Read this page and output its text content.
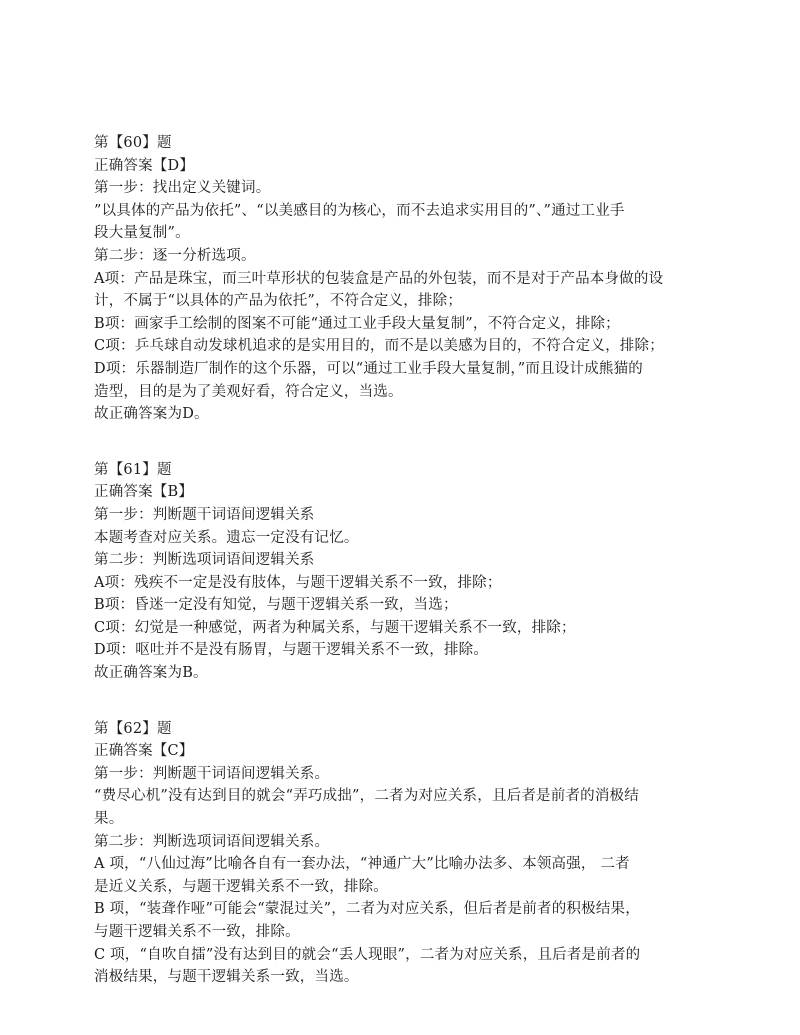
第【60】题
正确答案【D】
第一步：找出定义关键词。
”以具体的产品为依托”、“以美感目的为核心，而不去追求实用目的”、”通过工业手
段大量复制”。
第二步：逐一分析选项。
A项：产品是珠宝，而三叶草形状的包装盒是产品的外包装，而不是对于产品本身做的设
计，不属于“以具体的产品为依托”，不符合定义，排除；
B项：画家手工绘制的图案不可能“通过工业手段大量复制”，不符合定义，排除；
C项：乒乓球自动发球机追求的是实用目的，而不是以美感为目的，不符合定义，排除；
D项：乐器制造厂制作的这个乐器，可以“通过工业手段大量复制，”而且设计成熊猫的
造型，目的是为了美观好看，符合定义，当选。
故正确答案为D。
第【61】题
正确答案【B】
第一步：判断题干词语间逻辑关系
本题考查对应关系。遗忘一定没有记忆。
第二步：判断选项词语间逻辑关系
A项：残疾不一定是没有肢体，与题干逻辑关系不一致，排除；
B项：昏迷一定没有知觉，与题干逻辑关系一致，当选；
C项：幻觉是一种感觉，两者为种属关系，与题干逻辑关系不一致，排除；
D项：呕吐并不是没有肠胃，与题干逻辑关系不一致，排除。
故正确答案为B。
第【62】题
正确答案【C】
第一步：判断题干词语间逻辑关系。
“费尽心机”没有达到目的就会“弄巧成拙”，二者为对应关系，且后者是前者的消极结
果。
第二步：判断选项词语间逻辑关系。
A 项，“八仙过海”比喻各自有一套办法，“神通广大”比喻办法多、本领高强， 二者
是近义关系，与题干逻辑关系不一致，排除。
B 项，“装聋作哑”可能会“蒙混过关”，二者为对应关系，但后者是前者的积极结果，
与题干逻辑关系不一致，排除。
C 项，“自吹自擂”没有达到目的就会“丢人现眼”，二者为对应关系，且后者是前者的
消极结果，与题干逻辑关系一致，当选。
